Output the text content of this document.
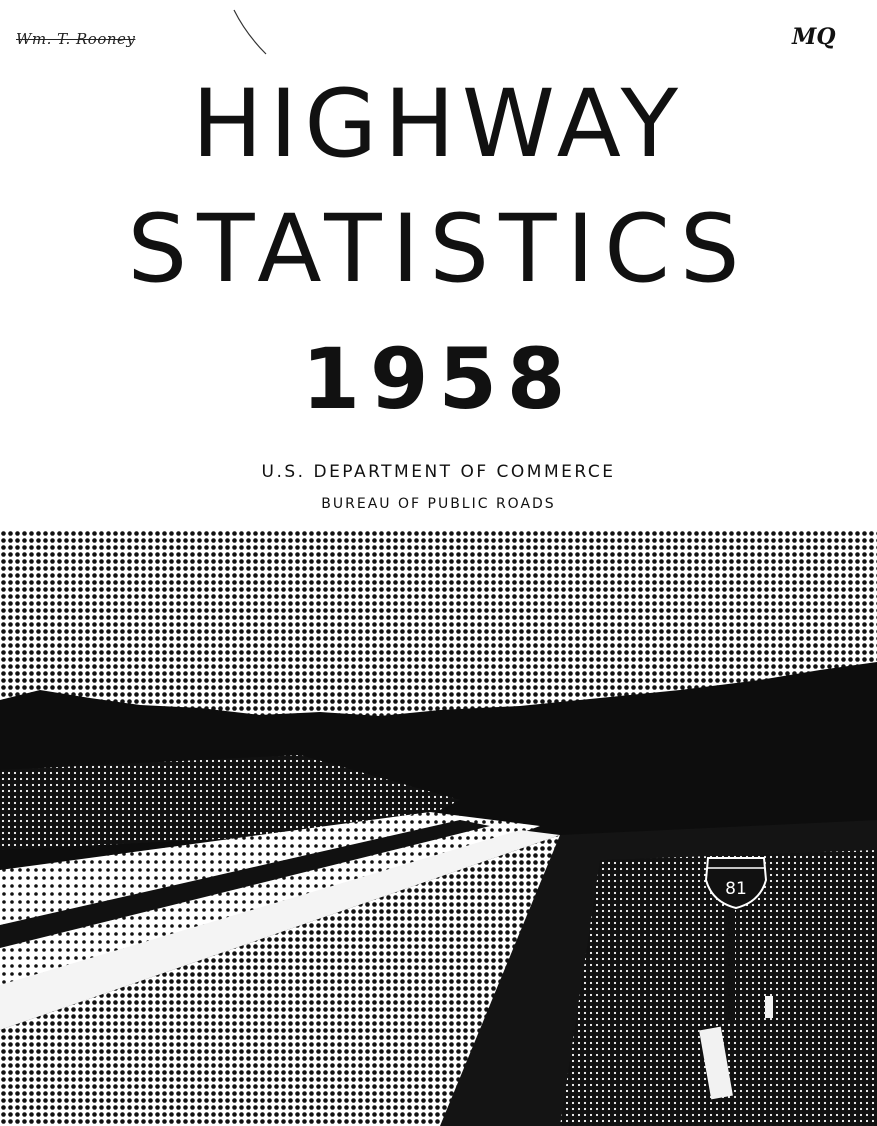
Wm. T. Rooney	MQ
HIGHWAY
STATISTICS
1958
U.S. DEPARTMENT OF COMMERCE
BUREAU OF PUBLIC ROADS
81
